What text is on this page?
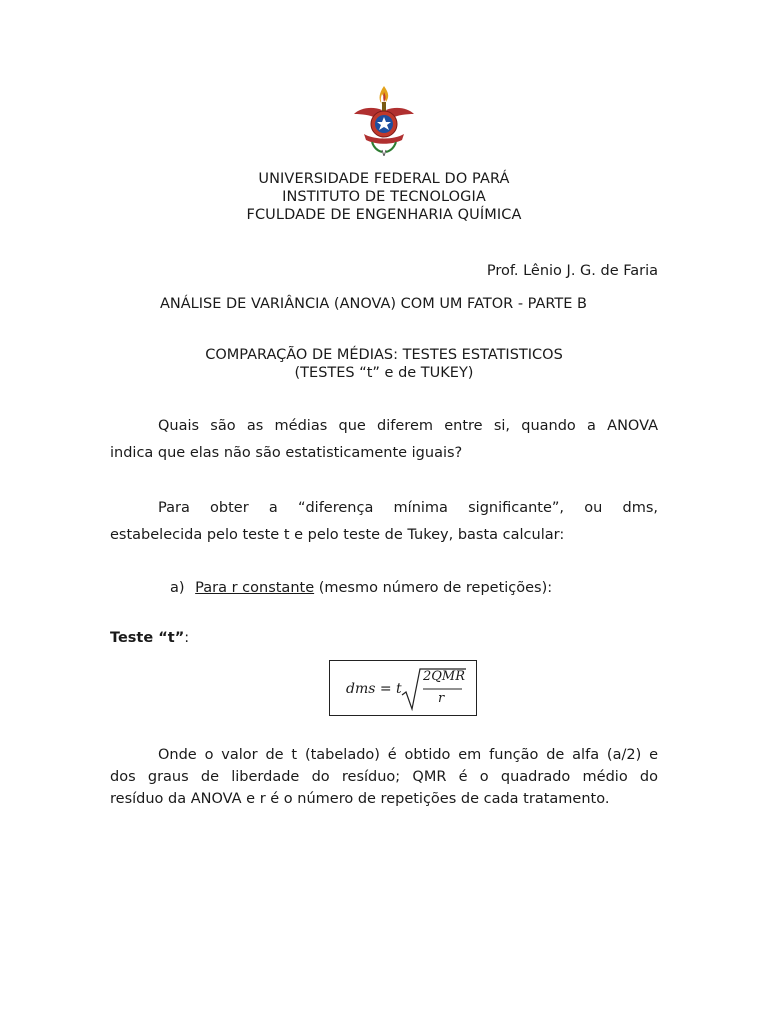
UNIVERSIDADE FEDERAL DO PARÁ
INSTITUTO DE TECNOLOGIA
FCULDADE DE ENGENHARIA QUÍMICA
Prof. Lênio J. G. de Faria
ANÁLISE DE VARIÂNCIA (ANOVA) COM UM FATOR - PARTE B
COMPARAÇÃO DE MÉDIAS: TESTES ESTATISTICOS
(TESTES “t” e de TUKEY)
Quais são as médias que diferem entre si, quando a ANOVA
indica que elas não são estatisticamente iguais?
Para obter a “diferença mínima significante”, ou dms,
estabelecida pelo teste t e pelo teste de Tukey, basta calcular:
a) Para r constante (mesmo número de repetições):
Teste “t”:
dms = t
2QMR
r
Onde o valor de t (tabelado) é obtido em função de alfa (a/2) e
dos graus de liberdade do resíduo; QMR é o quadrado médio do
resíduo da ANOVA e r é o número de repetições de cada tratamento.
